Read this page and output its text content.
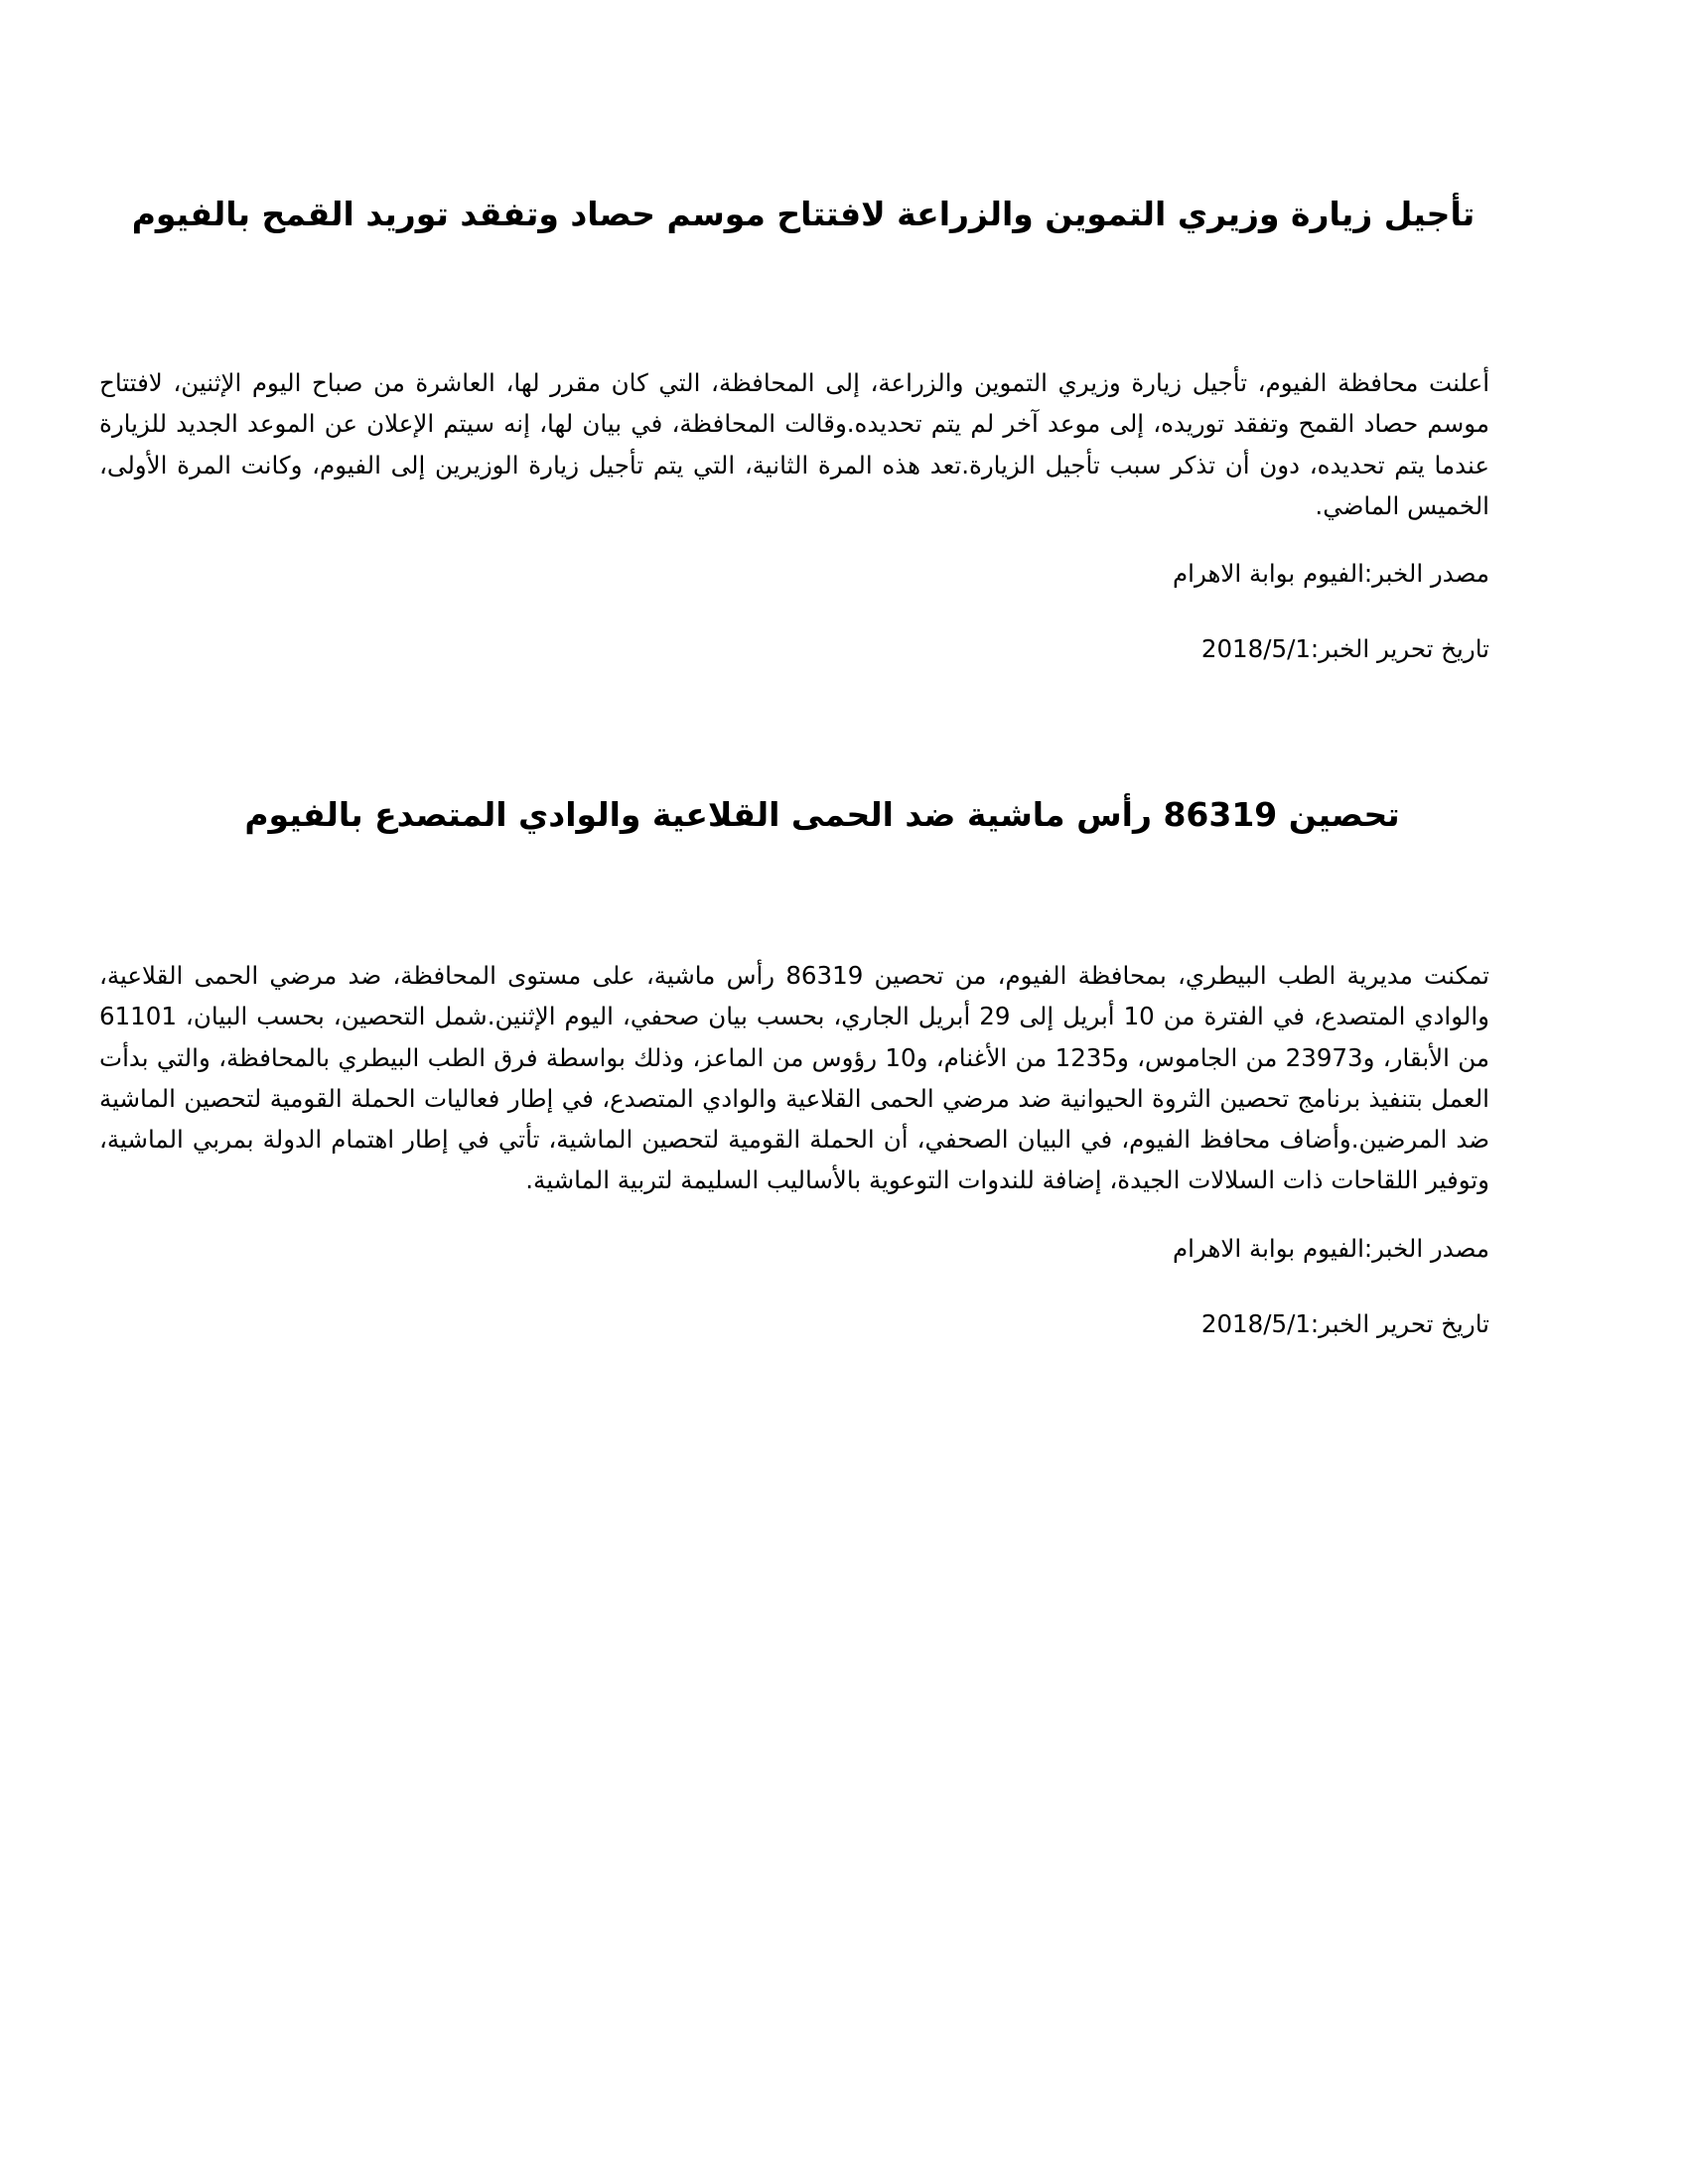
تأجيل زيارة وزيري التموين والزراعة لافتتاح موسم حصاد وتفقد توريد القمح بالفيوم
أعلنت محافظة الفيوم، تأجيل زيارة وزيري التموين والزراعة، إلى المحافظة، التي كان مقرر لها، العاشرة من صباح اليوم الإثنين، لافتتاح موسم حصاد القمح وتفقد توريده، إلى موعد آخر لم يتم تحديده.وقالت المحافظة، في بيان لها، إنه سيتم الإعلان عن الموعد الجديد للزيارة عندما يتم تحديده، دون أن تذكر سبب تأجيل الزيارة.تعد هذه المرة الثانية، التي يتم تأجيل زيارة الوزيرين إلى الفيوم، وكانت المرة الأولى، الخميس الماضي.
مصدر الخبر:الفيوم بوابة الاهرام
تاريخ تحرير الخبر:2018/5/1
تحصين 86319 رأس ماشية ضد الحمى القلاعية والوادي المتصدع بالفيوم
تمكنت مديرية الطب البيطري، بمحافظة الفيوم، من تحصين 86319 رأس ماشية، على مستوى المحافظة، ضد مرضي الحمى القلاعية، والوادي المتصدع، في الفترة من 10 أبريل إلى 29 أبريل الجاري، بحسب بيان صحفي، اليوم الإثنين.شمل التحصين، بحسب البيان، 61101 من الأبقار، و23973 من الجاموس، و1235 من الأغنام، و10 رؤوس من الماعز، وذلك بواسطة فرق الطب البيطري بالمحافظة، والتي بدأت العمل بتنفيذ برنامج تحصين الثروة الحيوانية ضد مرضي الحمى القلاعية والوادي المتصدع، في إطار فعاليات الحملة القومية لتحصين الماشية ضد المرضين.وأضاف محافظ الفيوم، في البيان الصحفي، أن الحملة القومية لتحصين الماشية، تأتي في إطار اهتمام الدولة بمربي الماشية، وتوفير اللقاحات ذات السلالات الجيدة، إضافة للندوات التوعوية بالأساليب السليمة لتربية الماشية.
مصدر الخبر:الفيوم بوابة الاهرام
تاريخ تحرير الخبر:2018/5/1
